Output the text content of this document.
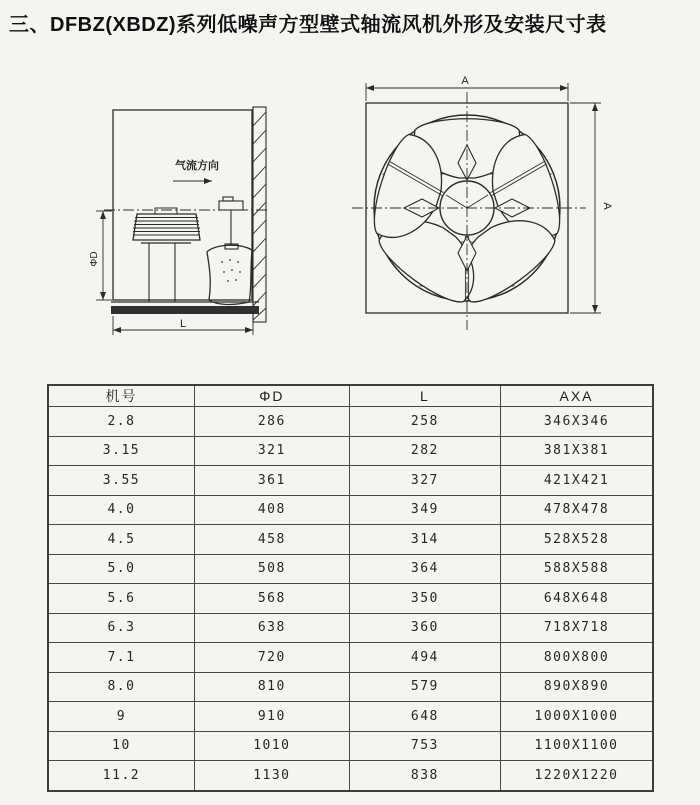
三、DFBZ(XBDZ)系列低噪声方型壁式轴流风机外形及安装尺寸表
气流方向
ΦD
L
A
A
机号	ΦD	L	AXA
2.8	286	258	346X346
3.15	321	282	381X381
3.55	361	327	421X421
4.0	408	349	478X478
4.5	458	314	528X528
5.0	508	364	588X588
5.6	568	350	648X648
6.3	638	360	718X718
7.1	720	494	800X800
8.0	810	579	890X890
9	910	648	1000X1000
10	1010	753	1100X1100
11.2	1130	838	1220X1220
